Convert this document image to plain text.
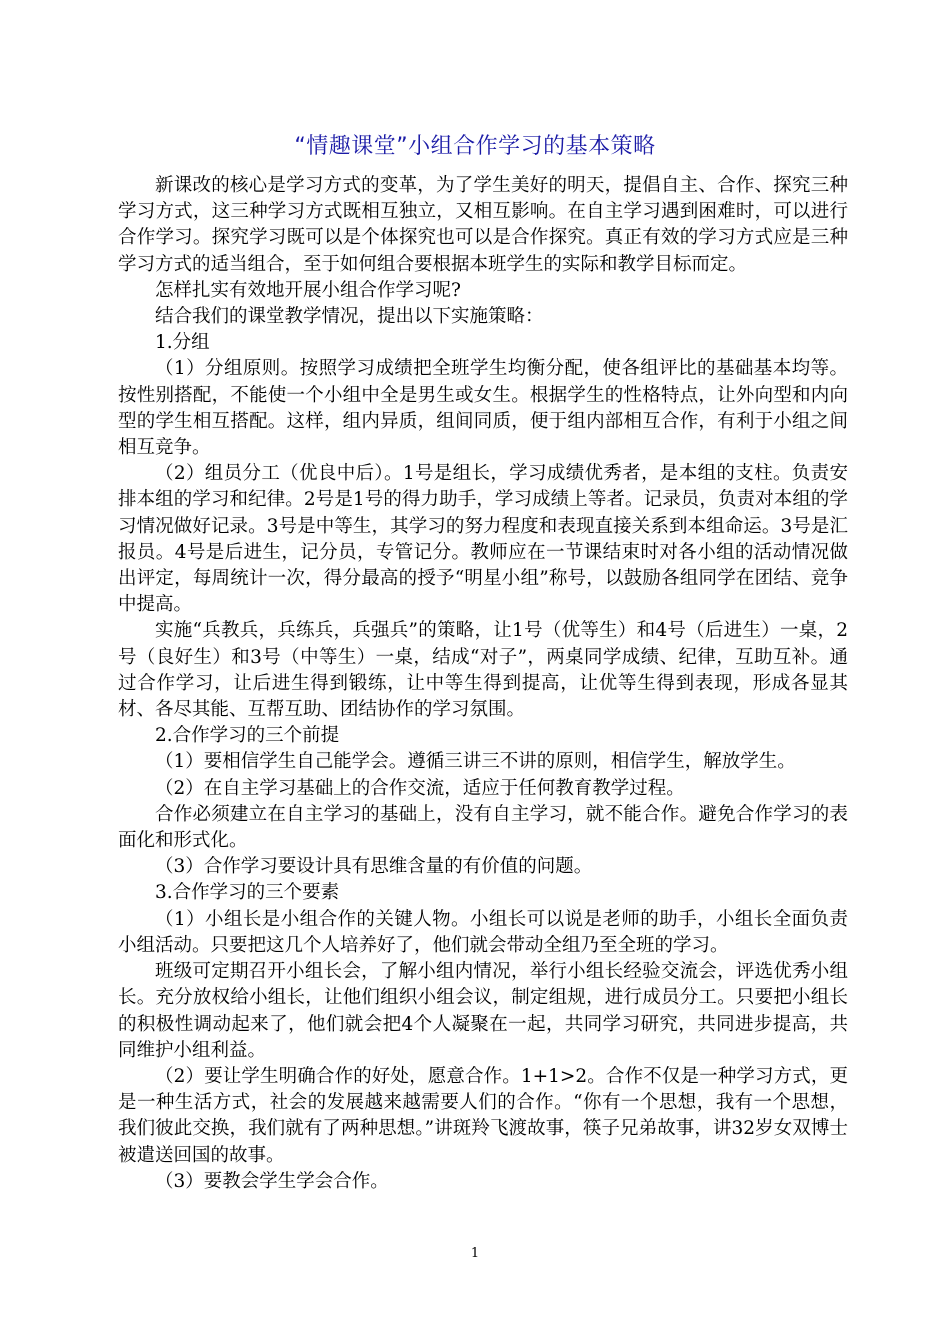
“情趣课堂”小组合作学习的基本策略

新课改的核心是学习方式的变革，为了学生美好的明天，提倡自主、合作、探究三种学习方式，这三种学习方式既相互独立，又相互影响。在自主学习遇到困难时，可以进行合作学习。探究学习既可以是个体探究也可以是合作探究。真正有效的学习方式应是三种学习方式的适当组合，至于如何组合要根据本班学生的实际和教学目标而定。

怎样扎实有效地开展小组合作学习呢?

结合我们的课堂教学情况，提出以下实施策略：

1.分组

（1）分组原则。按照学习成绩把全班学生均衡分配，使各组评比的基础基本均等。按性别搭配，不能使一个小组中全是男生或女生。根据学生的性格特点，让外向型和内向型的学生相互搭配。这样，组内异质，组间同质，便于组内部相互合作，有利于小组之间相互竞争。

（2）组员分工（优良中后）。1号是组长，学习成绩优秀者，是本组的支柱。负责安排本组的学习和纪律。2号是1号的得力助手，学习成绩上等者。记录员，负责对本组的学习情况做好记录。3号是中等生，其学习的努力程度和表现直接关系到本组命运。3号是汇报员。4号是后进生，记分员，专管记分。教师应在一节课结束时对各小组的活动情况做出评定，每周统计一次，得分最高的授予“明星小组”称号，以鼓励各组同学在团结、竞争中提高。

实施“兵教兵，兵练兵，兵强兵”的策略，让1号（优等生）和4号（后进生）一桌，2号（良好生）和3号（中等生）一桌，结成“对子”，两桌同学成绩、纪律，互助互补。通过合作学习，让后进生得到锻练，让中等生得到提高，让优等生得到表现，形成各显其材、各尽其能、互帮互助、团结协作的学习氛围。

2.合作学习的三个前提

（1）要相信学生自己能学会。遵循三讲三不讲的原则，相信学生，解放学生。

（2）在自主学习基础上的合作交流，适应于任何教育教学过程。

合作必须建立在自主学习的基础上，没有自主学习，就不能合作。避免合作学习的表面化和形式化。

（3）合作学习要设计具有思维含量的有价值的问题。

3.合作学习的三个要素

（1）小组长是小组合作的关键人物。小组长可以说是老师的助手，小组长全面负责小组活动。只要把这几个人培养好了，他们就会带动全组乃至全班的学习。

班级可定期召开小组长会，了解小组内情况，举行小组长经验交流会，评选优秀小组长。充分放权给小组长，让他们组织小组会议，制定组规，进行成员分工。只要把小组长的积极性调动起来了，他们就会把4个人凝聚在一起，共同学习研究，共同进步提高，共同维护小组利益。

（2）要让学生明确合作的好处，愿意合作。1+1>2。合作不仅是一种学习方式，更是一种生活方式，社会的发展越来越需要人们的合作。“你有一个思想，我有一个思想，我们彼此交换，我们就有了两种思想。”讲斑羚飞渡故事，筷子兄弟故事，讲32岁女双博士被遣送回国的故事。

（3）要教会学生学会合作。

1
